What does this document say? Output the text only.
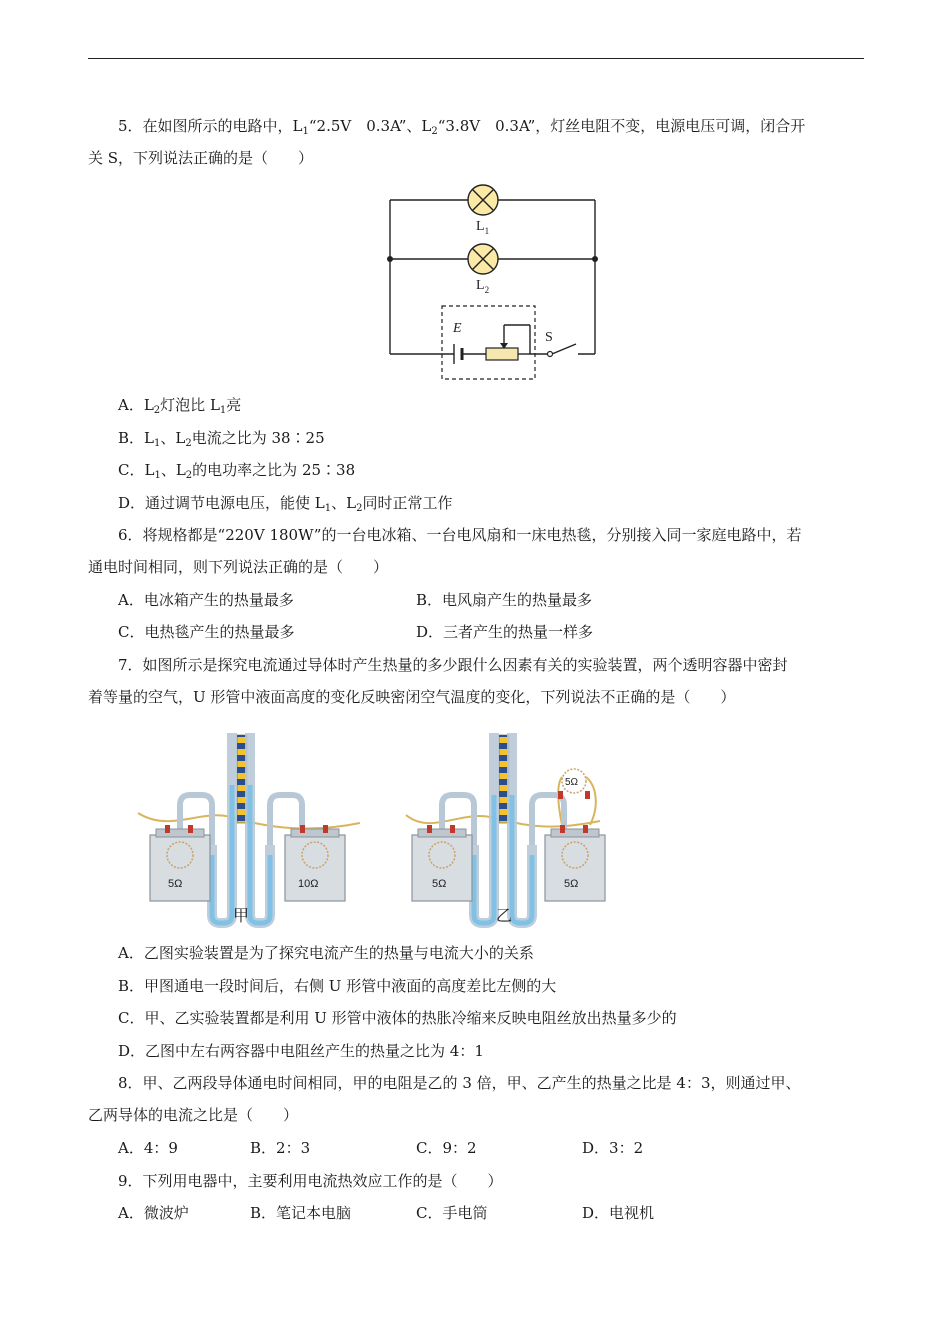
5．在如图所示的电路中，$L_1“2.5V$　0.3A”、$L_2“3.8V$　0.3A”，灯丝电阻不变，电源电压可调，闭合开
关 S，下列说法正确的是（　　）
$L_1$
$L_2$
E
S
A．$L_2$灯泡比 $L_1$亮
B．$L_1$、$L_2$电流之比为 38∶25
C．$L_1$、$L_2$的电功率之比为 25∶38
D．通过调节电源电压，能使 $L_1$、$L_2$同时正常工作
6．将规格都是“220V 180W”的一台电冰箱、一台电风扇和一床电热毯，分别接入同一家庭电路中，若
通电时间相同，则下列说法正确的是（　　）
A．电冰箱产生的热量最多	B．电风扇产生的热量最多
C．电热毯产生的热量最多	D．三者产生的热量一样多
7．如图所示是探究电流通过导体时产生热量的多少跟什么因素有关的实验装置，两个透明容器中密封
着等量的空气，U 形管中液面高度的变化反映密闭空气温度的变化，下列说法不正确的是（　　）
5Ω	10Ω
甲
5Ω	5Ω
5Ω
乙
A．乙图实验装置是为了探究电流产生的热量与电流大小的关系
B．甲图通电一段时间后，右侧 U 形管中液面的高度差比左侧的大
C．甲、乙实验装置都是利用 U 形管中液体的热胀冷缩来反映电阻丝放出热量多少的
D．乙图中左右两容器中电阻丝产生的热量之比为 4：1
8．甲、乙两段导体通电时间相同，甲的电阻是乙的 3 倍，甲、乙产生的热量之比是 4：3，则通过甲、
乙两导体的电流之比是（　　）
A．4：9	B．2：3	C．9：2	D．3：2
9．下列用电器中，主要利用电流热效应工作的是（　　）
A．微波炉	B．笔记本电脑	C．手电筒	D．电视机
